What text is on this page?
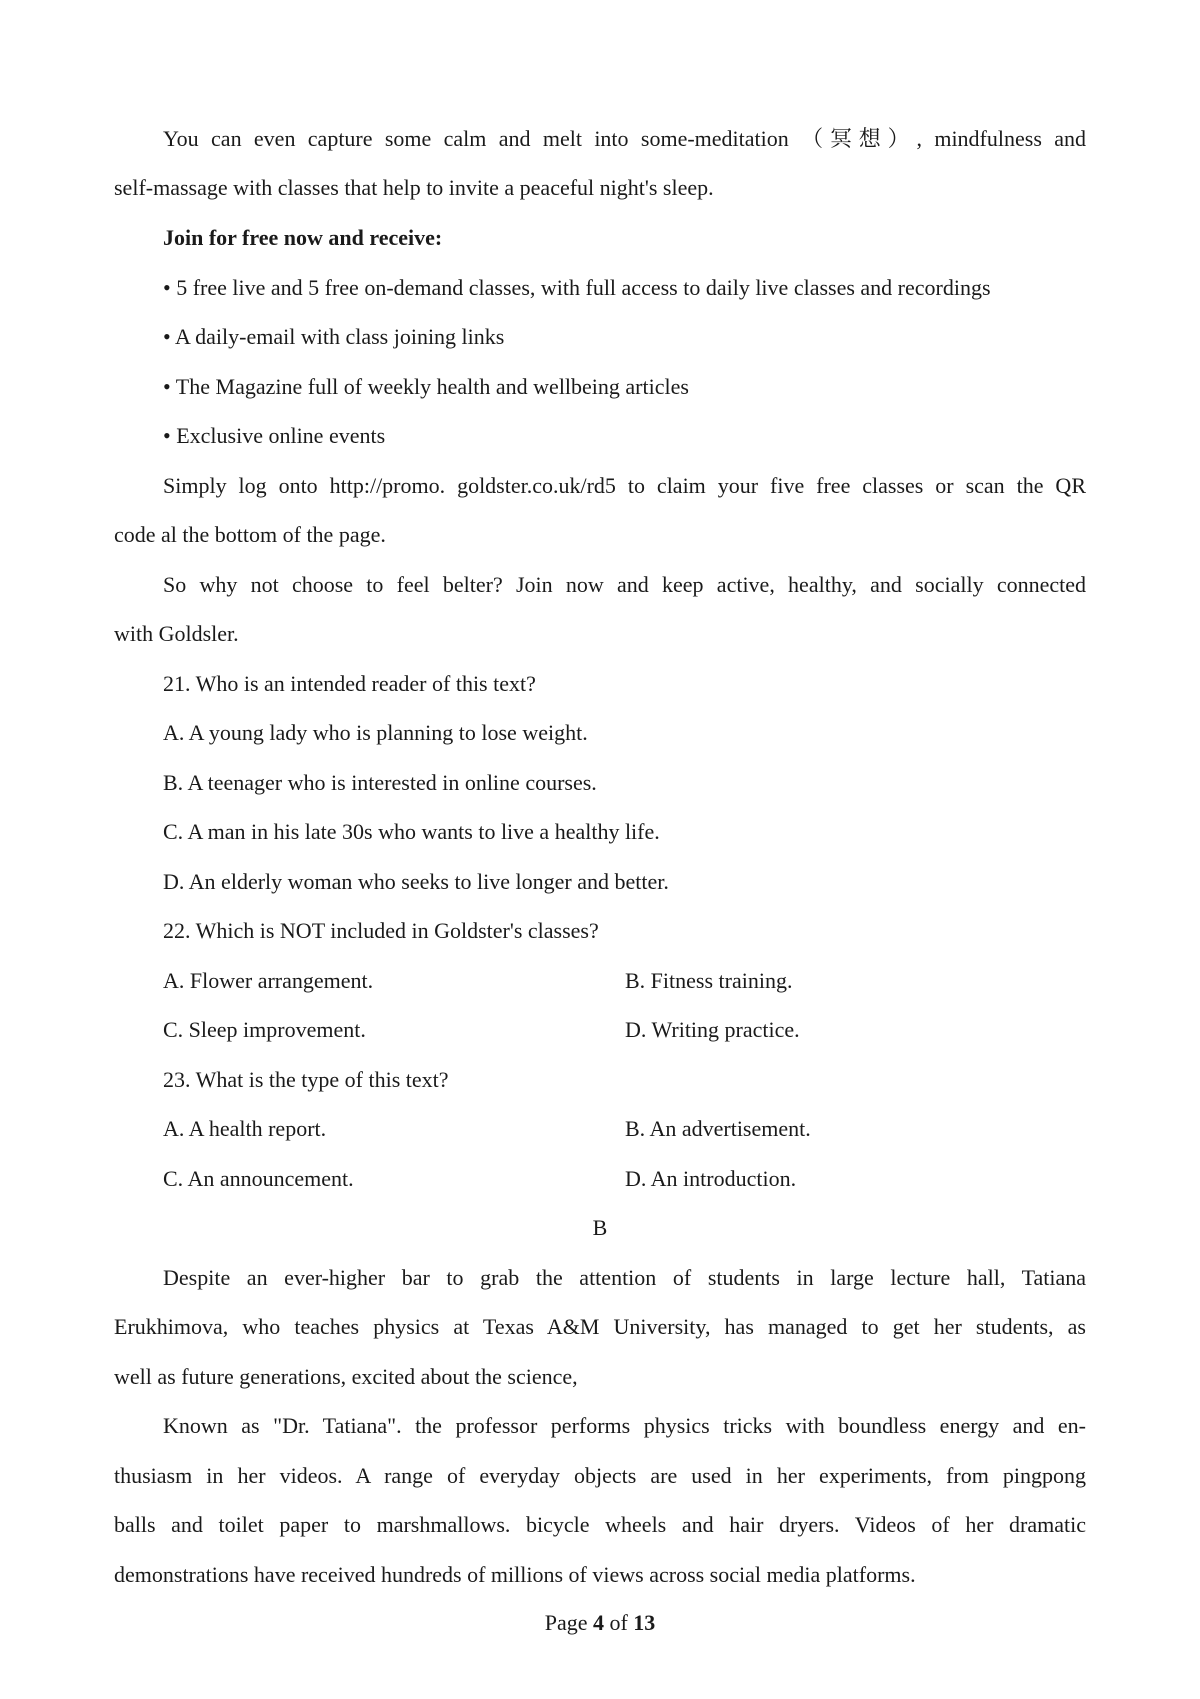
You can even capture some calm and melt into some-meditation （冥想）, mindfulness and
self-massage with classes that help to invite a peaceful night's sleep.
Join for free now and receive:
• 5 free live and 5 free on-demand classes, with full access to daily live classes and recordings
• A daily-email with class joining links
• The Magazine full of weekly health and wellbeing articles
• Exclusive online events
Simply log onto http://promo. goldster.co.uk/rd5 to claim your five free classes or scan the QR
code al the bottom of the page.
So why not choose to feel belter? Join now and keep active, healthy, and socially connected
with Goldsler.
21. Who is an intended reader of this text?
A. A young lady who is planning to lose weight.
B. A teenager who is interested in online courses.
C. A man in his late 30s who wants to live a healthy life.
D. An elderly woman who seeks to live longer and better.
22. Which is NOT included in Goldster's classes?
A. Flower arrangement.	B. Fitness training.
C. Sleep improvement.	D. Writing practice.
23. What is the type of this text?
A. A health report.	B. An advertisement.
C. An announcement.	D. An introduction.
B
Despite an ever-higher bar to grab the attention of students in large lecture hall, Tatiana
Erukhimova, who teaches physics at Texas A&M University, has managed to get her students, as
well as future generations, excited about the science,
Known as "Dr. Tatiana". the professor performs physics tricks with boundless energy and en-
thusiasm in her videos. A range of everyday objects are used in her experiments, from pingpong
balls and toilet paper to marshmallows. bicycle wheels and hair dryers. Videos of her dramatic
demonstrations have received hundreds of millions of views across social media platforms.
Page 4 of 13
